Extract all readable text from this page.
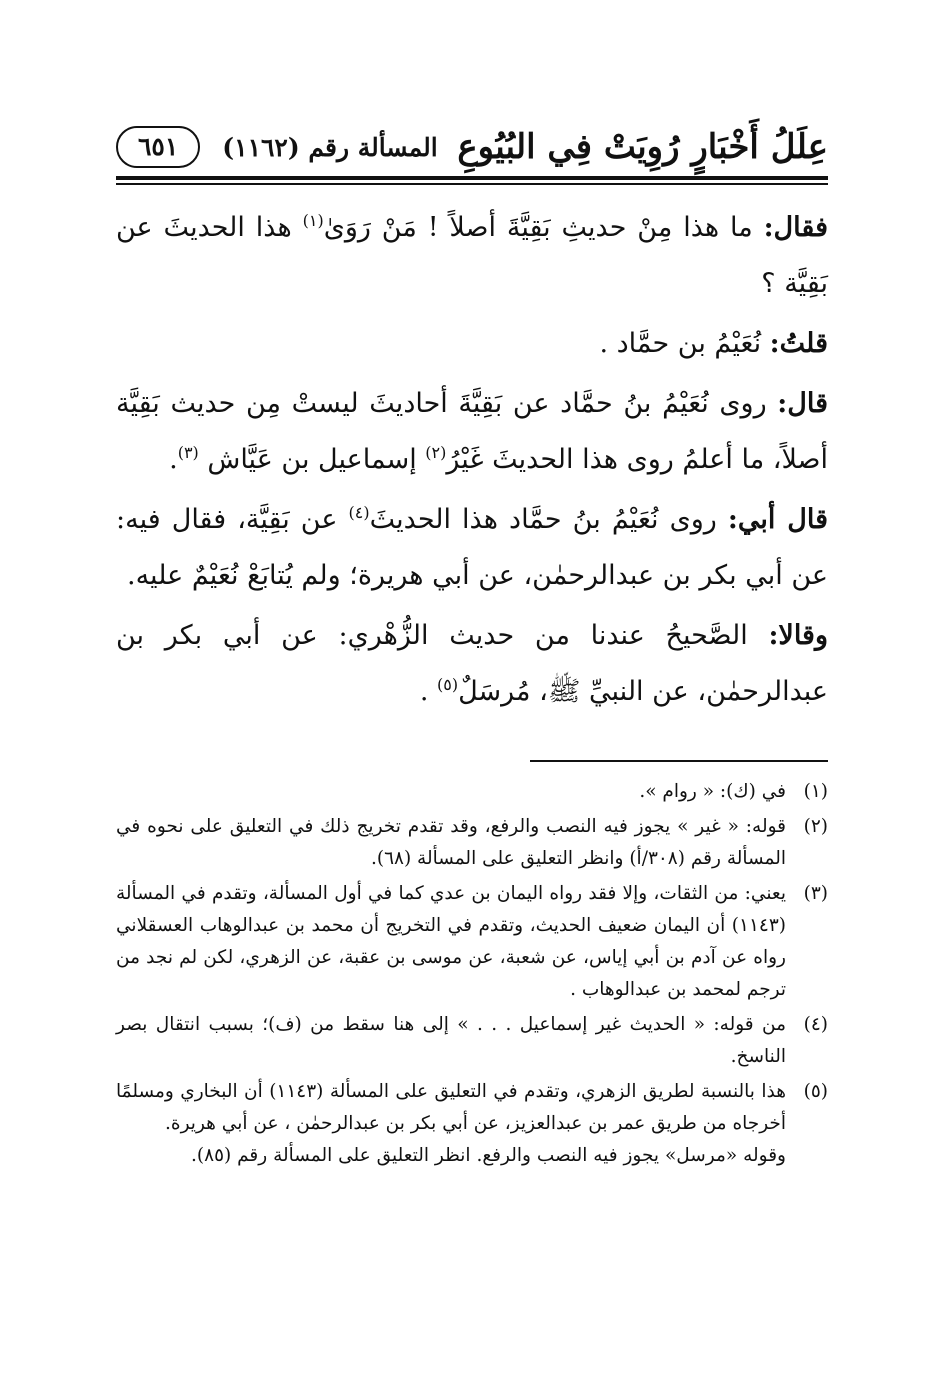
عِلَلُ أَخْبَارٍ رُوِيَتْ فِي البُيُوعِ
المسألة رقم (١١٦٢)
٦٥١

فقال: ما هذا مِنْ حديثِ بَقِيَّةَ أصلاً ! مَنْ رَوَىٰ$^{(١)}$ هذا الحديثَ عن بَقِيَّة ؟

قلتُ: نُعَيْمُ بن حمَّاد .

قال: روى نُعَيْمُ بنُ حمَّاد عن بَقِيَّةَ أحاديثَ ليستْ مِن حديث بَقِيَّة أصلاً، ما أعلمُ روى هذا الحديثَ غَيْرُ$^{(٢)}$ إسماعيل بن عَيَّاش $^{(٣)}$.

قال أبي: روى نُعَيْمُ بنُ حمَّاد هذا الحديثَ$^{(٤)}$ عن بَقِيَّة، فقال فيه: عن أبي بكر بن عبدالرحمٰن، عن أبي هريرة؛ ولم يُتابَعْ نُعَيْمٌ عليه.

وقالا: الصَّحيحُ عندنا من حديث الزُّهْري: عن أبي بكر بن عبدالرحمٰن، عن النبيِّ ﷺ، مُرسَلٌ$^{(٥)}$ .

(١)

في (ك): « روام ».

(٢)

قوله: « غير » يجوز فيه النصب والرفع، وقد تقدم تخريج ذلك في التعليق على نحوه في المسألة رقم (٣٠٨/أ) وانظر التعليق على المسألة (٦٨).

(٣)

يعني: من الثقات، وإلا فقد رواه اليمان بن عدي كما في أول المسألة، وتقدم في المسألة (١١٤٣) أن اليمان ضعيف الحديث، وتقدم في التخريج أن محمد بن عبدالوهاب العسقلاني رواه عن آدم بن أبي إياس، عن شعبة، عن موسى بن عقبة، عن الزهري، لكن لم نجد من ترجم لمحمد بن عبدالوهاب .

(٤)

من قوله: « الحديث غير إسماعيل . . . » إلى هنا سقط من (ف)؛ بسبب انتقال بصر الناسخ.

(٥)

هذا بالنسبة لطريق الزهري، وتقدم في التعليق على المسألة (١١٤٣) أن البخاري ومسلمًا أخرجاه من طريق عمر بن عبدالعزيز، عن أبي بكر بن عبدالرحمٰن ، عن أبي هريرة.

وقوله «مرسل» يجوز فيه النصب والرفع. انظر التعليق على المسألة رقم (٨٥).
